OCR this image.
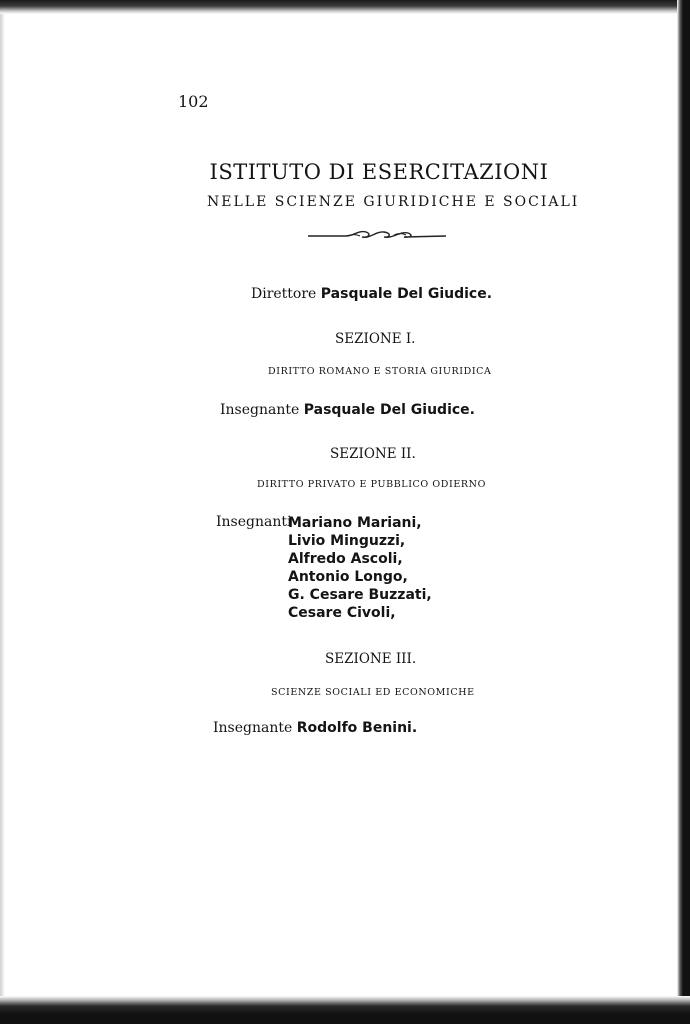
102
ISTITUTO DI ESERCITAZIONI
NELLE SCIENZE GIURIDICHE E SOCIALI
Direttore Pasquale Del Giudice.
SEZIONE I.
DIRITTO ROMANO E STORIA GIURIDICA
Insegnante Pasquale Del Giudice.
SEZIONE II.
DIRITTO PRIVATO E PUBBLICO ODIERNO
Insegnanti
Mariano Mariani,
Livio Minguzzi,
Alfredo Ascoli,
Antonio Longo,
G. Cesare Buzzati,
Cesare Civoli,
SEZIONE III.
SCIENZE SOCIALI ED ECONOMICHE
Insegnante Rodolfo Benini.
